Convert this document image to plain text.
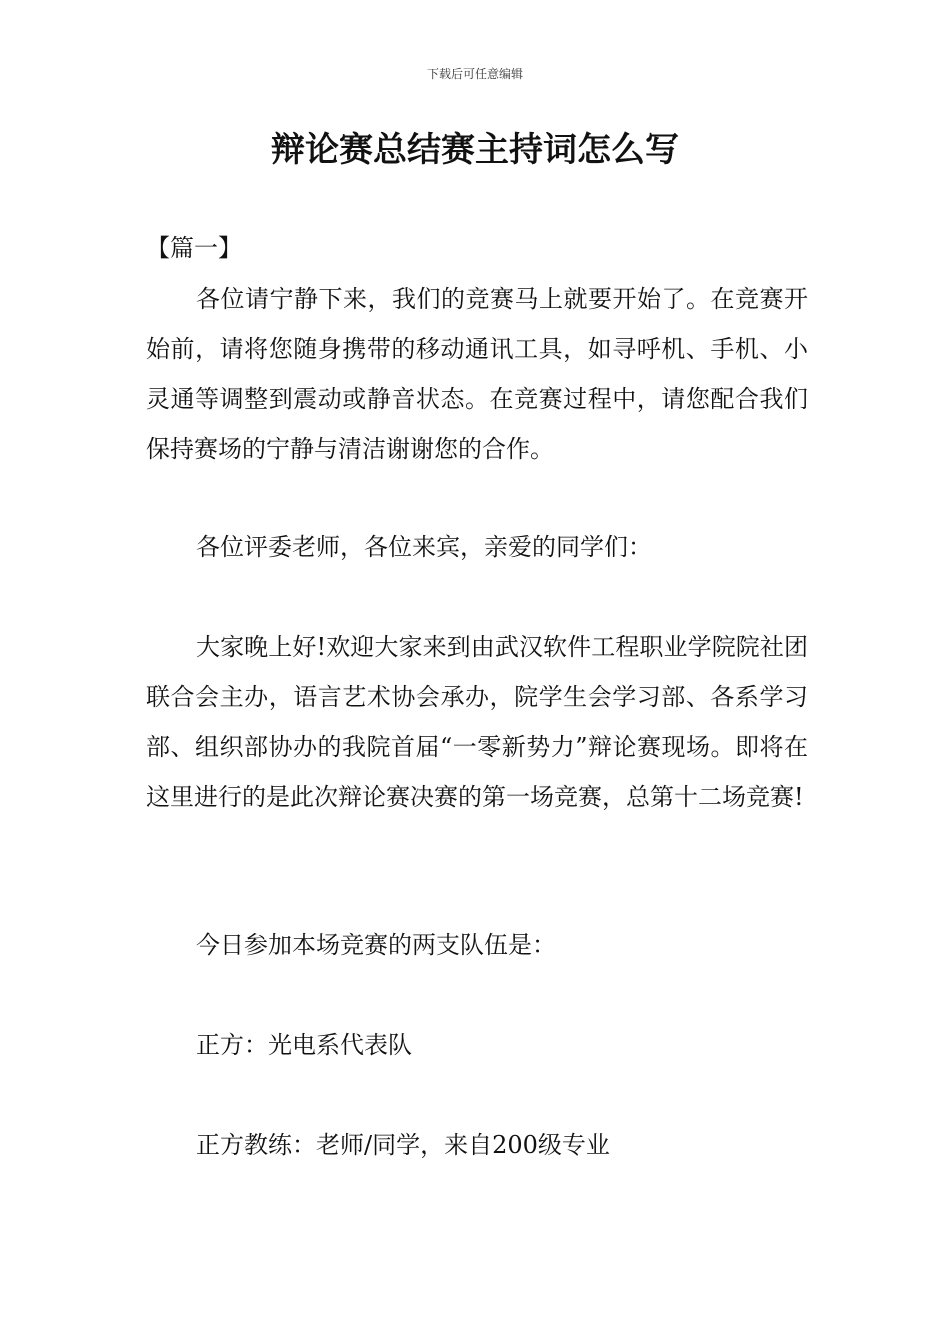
下载后可任意编辑
辩论赛总结赛主持词怎么写
【篇一】

各位请宁静下来，我们的竞赛马上就要开始了。在竞赛开始前，请将您随身携带的移动通讯工具，如寻呼机、手机、小灵通等调整到震动或静音状态。在竞赛过程中，请您配合我们保持赛场的宁静与清洁谢谢您的合作。

各位评委老师，各位来宾，亲爱的同学们：

大家晚上好!欢迎大家来到由武汉软件工程职业学院院社团联合会主办，语言艺术协会承办，院学生会学习部、各系学习部、组织部协办的我院首届“一零新势力”辩论赛现场。即将在这里进行的是此次辩论赛决赛的第一场竞赛，总第十二场竞赛!

今日参加本场竞赛的两支队伍是：

正方：光电系代表队

正方教练：老师/同学，来自200级专业
